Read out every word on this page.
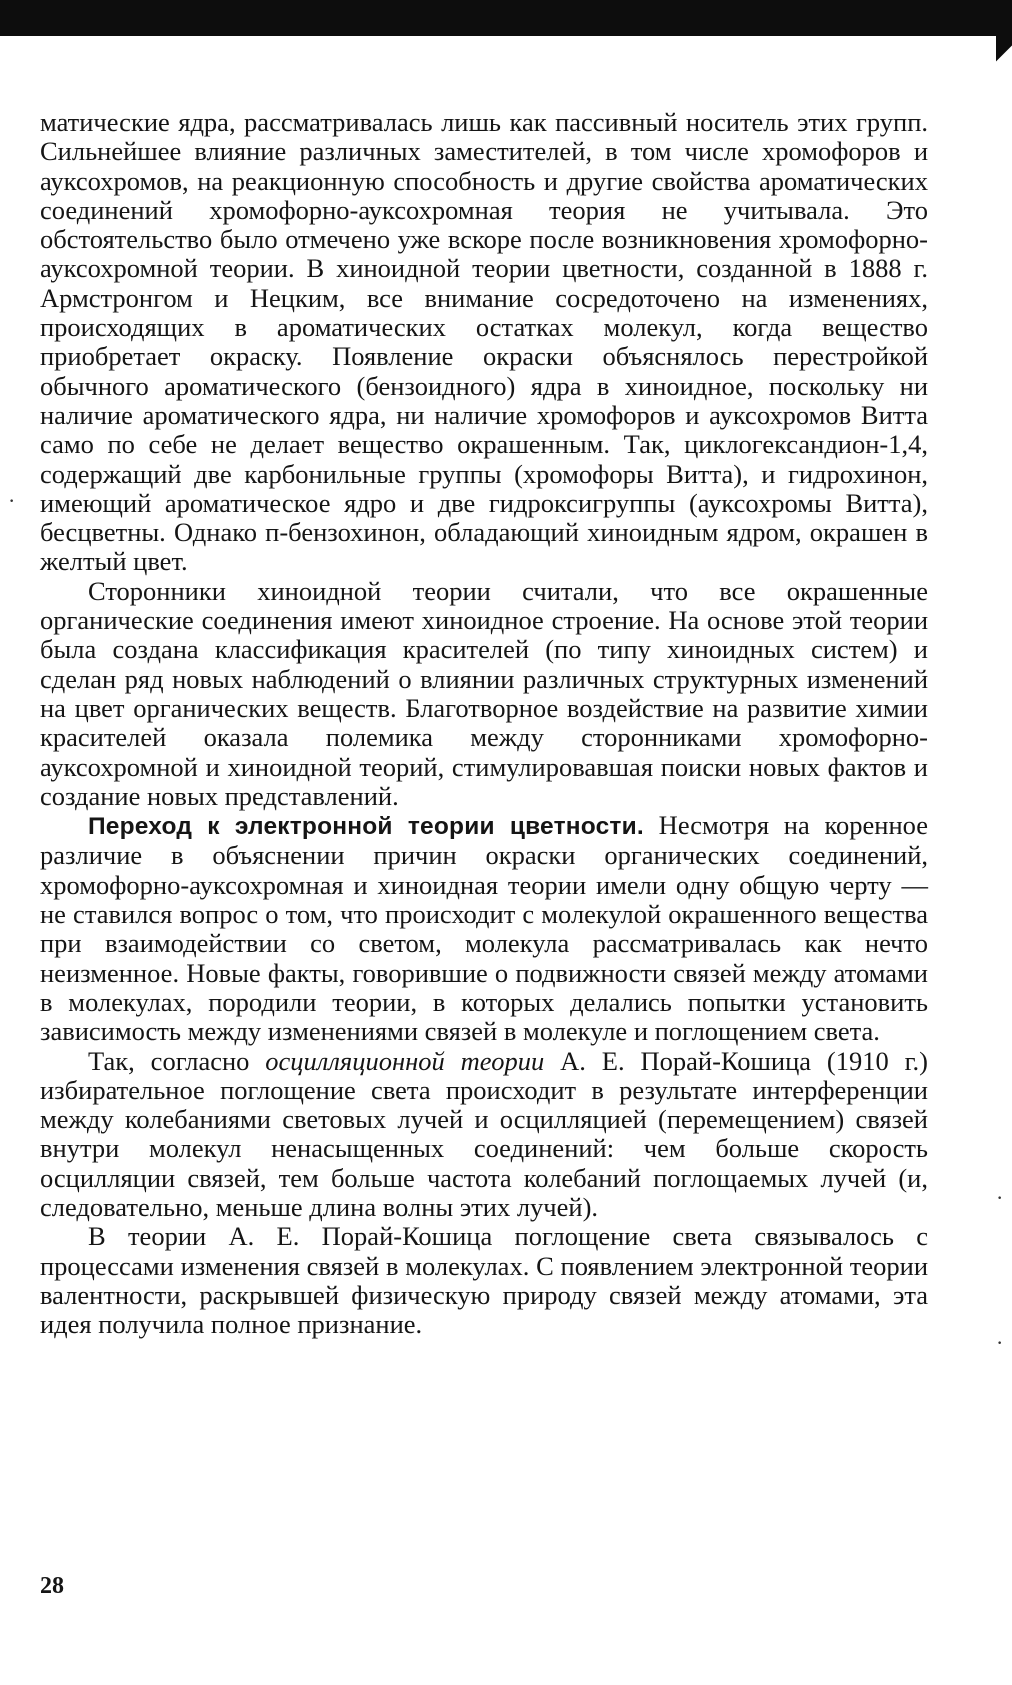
матические ядра, рассматривалась лишь как пассивный носитель этих групп. Сильнейшее влияние различных заместителей, в том числе хромофоров и ауксохромов, на реакционную способность и другие свойства ароматических соединений хромофорно-ауксохромная теория не учитывала. Это обстоятельство было отмечено уже вскоре после возникновения хромофорно-ауксохромной теории. В хиноидной теории цветности, созданной в 1888 г. Армстронгом и Нецким, все внимание сосредоточено на изменениях, происходящих в ароматических остатках молекул, когда вещество приобретает окраску. Появление окраски объяснялось перестройкой обычного ароматического (бензоидного) ядра в хиноидное, поскольку ни наличие ароматического ядра, ни наличие хромофоров и ауксохромов Витта само по себе не делает вещество окрашенным. Так, циклогександион-1,4, содержащий две карбонильные группы (хромофоры Витта), и гидрохинон, имеющий ароматическое ядро и две гидроксигруппы (ауксохромы Витта), бесцветны. Однако п-бензохинон, обладающий хиноидным ядром, окрашен в желтый цвет.

Сторонники хиноидной теории считали, что все окрашенные органические соединения имеют хиноидное строение. На основе этой теории была создана классификация красителей (по типу хиноидных систем) и сделан ряд новых наблюдений о влиянии различных структурных изменений на цвет органических веществ. Благотворное воздействие на развитие химии красителей оказала полемика между сторонниками хромофорно-ауксохромной и хиноидной теорий, стимулировавшая поиски новых фактов и создание новых представлений.

Переход к электронной теории цветности. Несмотря на коренное различие в объяснении причин окраски органических соединений, хромофорно-ауксохромная и хиноидная теории имели одну общую черту — не ставился вопрос о том, что происходит с молекулой окрашенного вещества при взаимодействии со светом, молекула рассматривалась как нечто неизменное. Новые факты, говорившие о подвижности связей между атомами в молекулах, породили теории, в которых делались попытки установить зависимость между изменениями связей в молекуле и поглощением света.

Так, согласно осцилляционной теории А. Е. Порай-Кошица (1910 г.) избирательное поглощение света происходит в результате интерференции между колебаниями световых лучей и осцилляцией (перемещением) связей внутри молекул ненасыщенных соединений: чем больше скорость осцилляции связей, тем больше частота колебаний поглощаемых лучей (и, следовательно, меньше длина волны этих лучей).

В теории А. Е. Порай-Кошица поглощение света связывалось с процессами изменения связей в молекулах. С появлением электронной теории валентности, раскрывшей физическую природу связей между атомами, эта идея получила полное признание.

28
·
·
·
